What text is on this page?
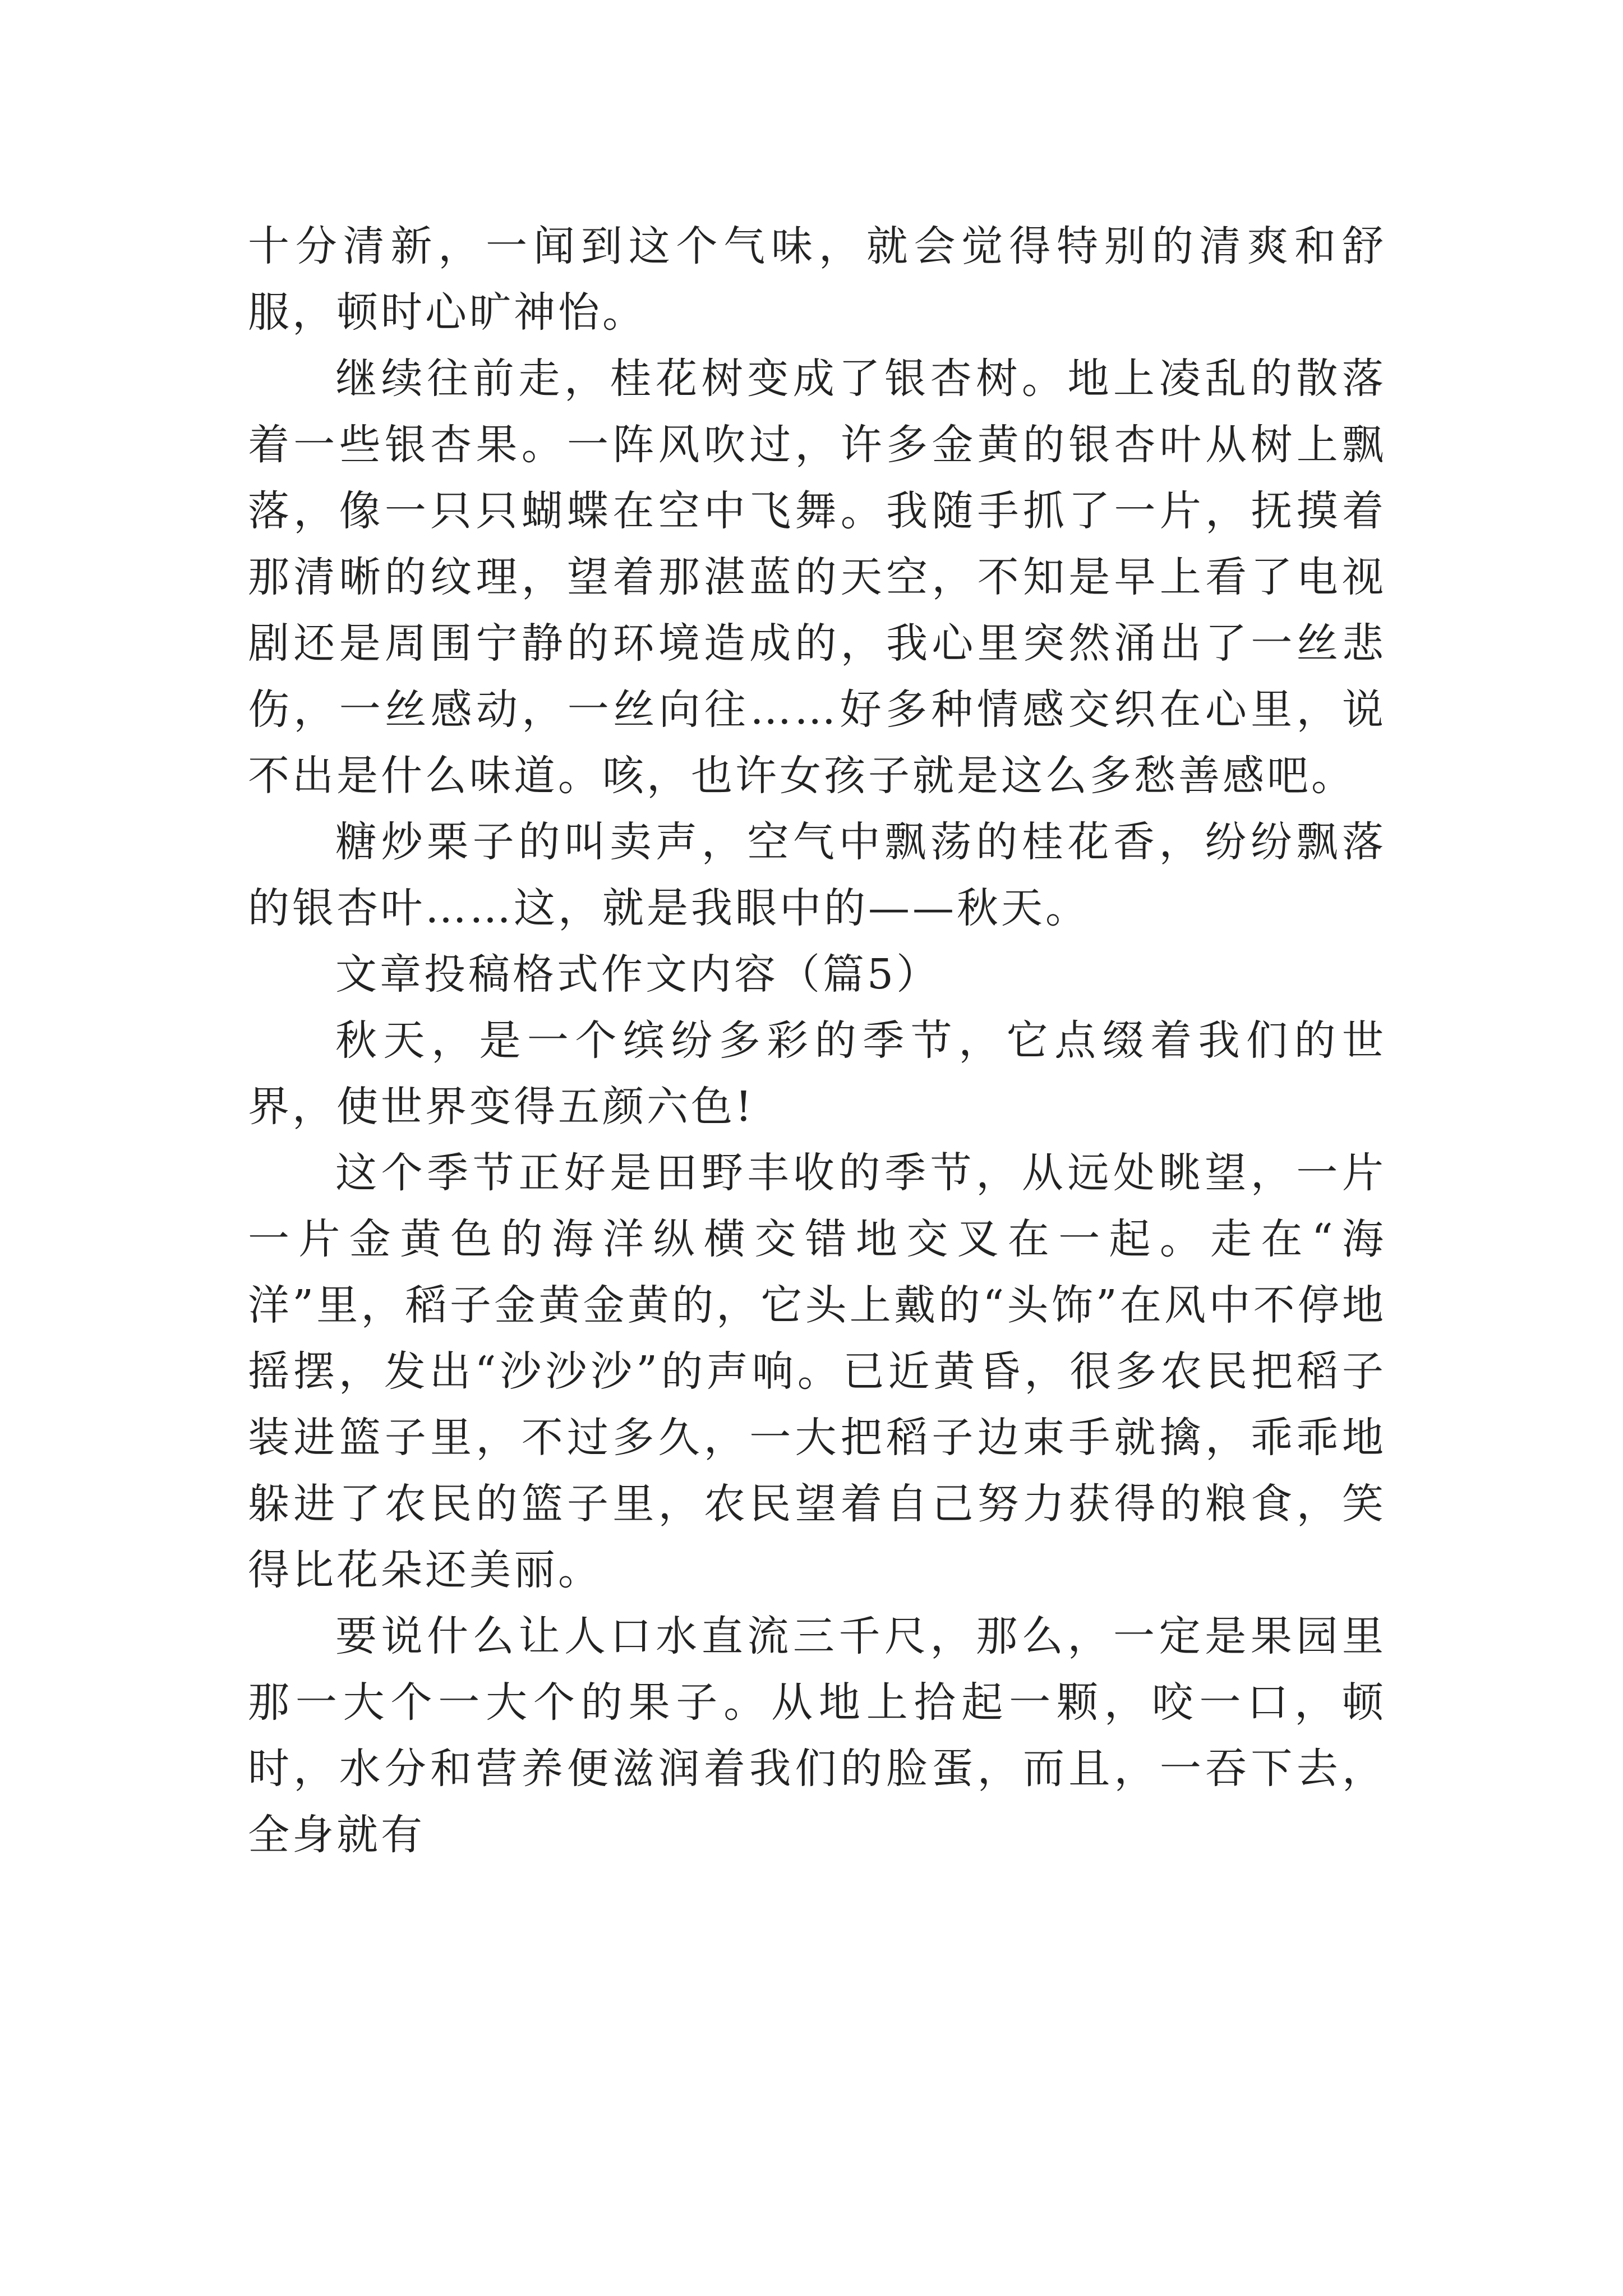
十分清新，一闻到这个气味，就会觉得特别的清爽和舒服，顿时心旷神怡。

继续往前走，桂花树变成了银杏树。地上凌乱的散落着一些银杏果。一阵风吹过，许多金黄的银杏叶从树上飘落，像一只只蝴蝶在空中飞舞。我随手抓了一片，抚摸着那清晰的纹理，望着那湛蓝的天空，不知是早上看了电视剧还是周围宁静的环境造成的，我心里突然涌出了一丝悲伤，一丝感动，一丝向往……好多种情感交织在心里，说不出是什么味道。咳，也许女孩子就是这么多愁善感吧。

糖炒栗子的叫卖声，空气中飘荡的桂花香，纷纷飘落的银杏叶……这，就是我眼中的——秋天。

文章投稿格式作文内容（篇5）

秋天，是一个缤纷多彩的季节，它点缀着我们的世界，使世界变得五颜六色!

这个季节正好是田野丰收的季节，从远处眺望，一片一片金黄色的海洋纵横交错地交叉在一起。走在“海洋”里，稻子金黄金黄的，它头上戴的“头饰”在风中不停地摇摆，发出“沙沙沙”的声响。已近黄昏，很多农民把稻子装进篮子里，不过多久，一大把稻子边束手就擒，乖乖地躲进了农民的篮子里，农民望着自己努力获得的粮食，笑得比花朵还美丽。

要说什么让人口水直流三千尺，那么，一定是果园里那一大个一大个的果子。从地上拾起一颗，咬一口，顿时，水分和营养便滋润着我们的脸蛋，而且，一吞下去，全身就有
